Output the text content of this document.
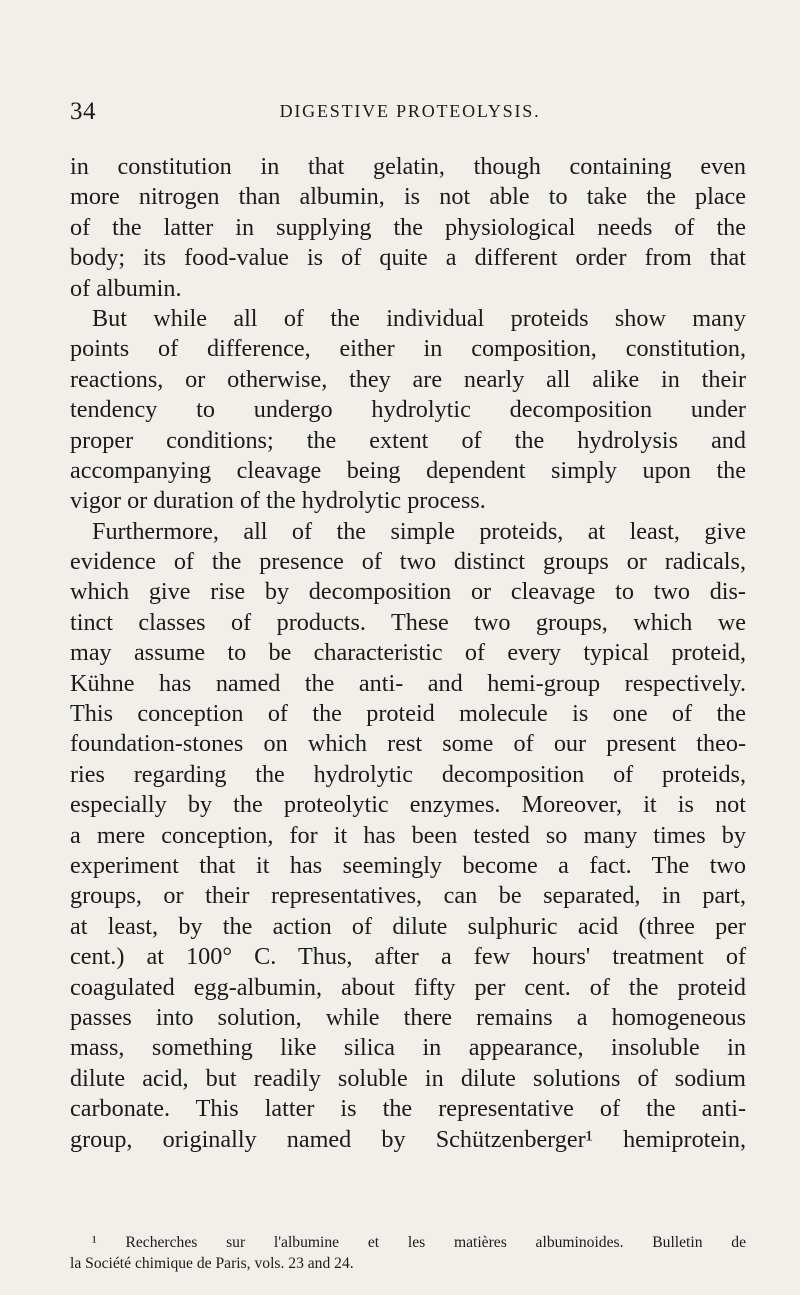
34	DIGESTIVE PROTEOLYSIS.
in constitution in that gelatin, though containing even
more nitrogen than albumin, is not able to take the place
of the latter in supplying the physiological needs of the
body; its food-value is of quite a different order from that
of albumin.
But while all of the individual proteids show many
points of difference, either in composition, constitution,
reactions, or otherwise, they are nearly all alike in their
tendency to undergo hydrolytic decomposition under
proper conditions; the extent of the hydrolysis and
accompanying cleavage being dependent simply upon the
vigor or duration of the hydrolytic process.
Furthermore, all of the simple proteids, at least, give
evidence of the presence of two distinct groups or radicals,
which give rise by decomposition or cleavage to two dis-
tinct classes of products. These two groups, which we
may assume to be characteristic of every typical proteid,
Kühne has named the anti- and hemi-group respectively.
This conception of the proteid molecule is one of the
foundation-stones on which rest some of our present theo-
ries regarding the hydrolytic decomposition of proteids,
especially by the proteolytic enzymes. Moreover, it is not
a mere conception, for it has been tested so many times by
experiment that it has seemingly become a fact. The two
groups, or their representatives, can be separated, in part,
at least, by the action of dilute sulphuric acid (three per
cent.) at 100° C. Thus, after a few hours' treatment of
coagulated egg-albumin, about fifty per cent. of the proteid
passes into solution, while there remains a homogeneous
mass, something like silica in appearance, insoluble in
dilute acid, but readily soluble in dilute solutions of sodium
carbonate. This latter is the representative of the anti-
group, originally named by Schützenberger¹ hemiprotein,
¹ Recherches sur l'albumine et les matières albuminoides. Bulletin de
la Société chimique de Paris, vols. 23 and 24.
